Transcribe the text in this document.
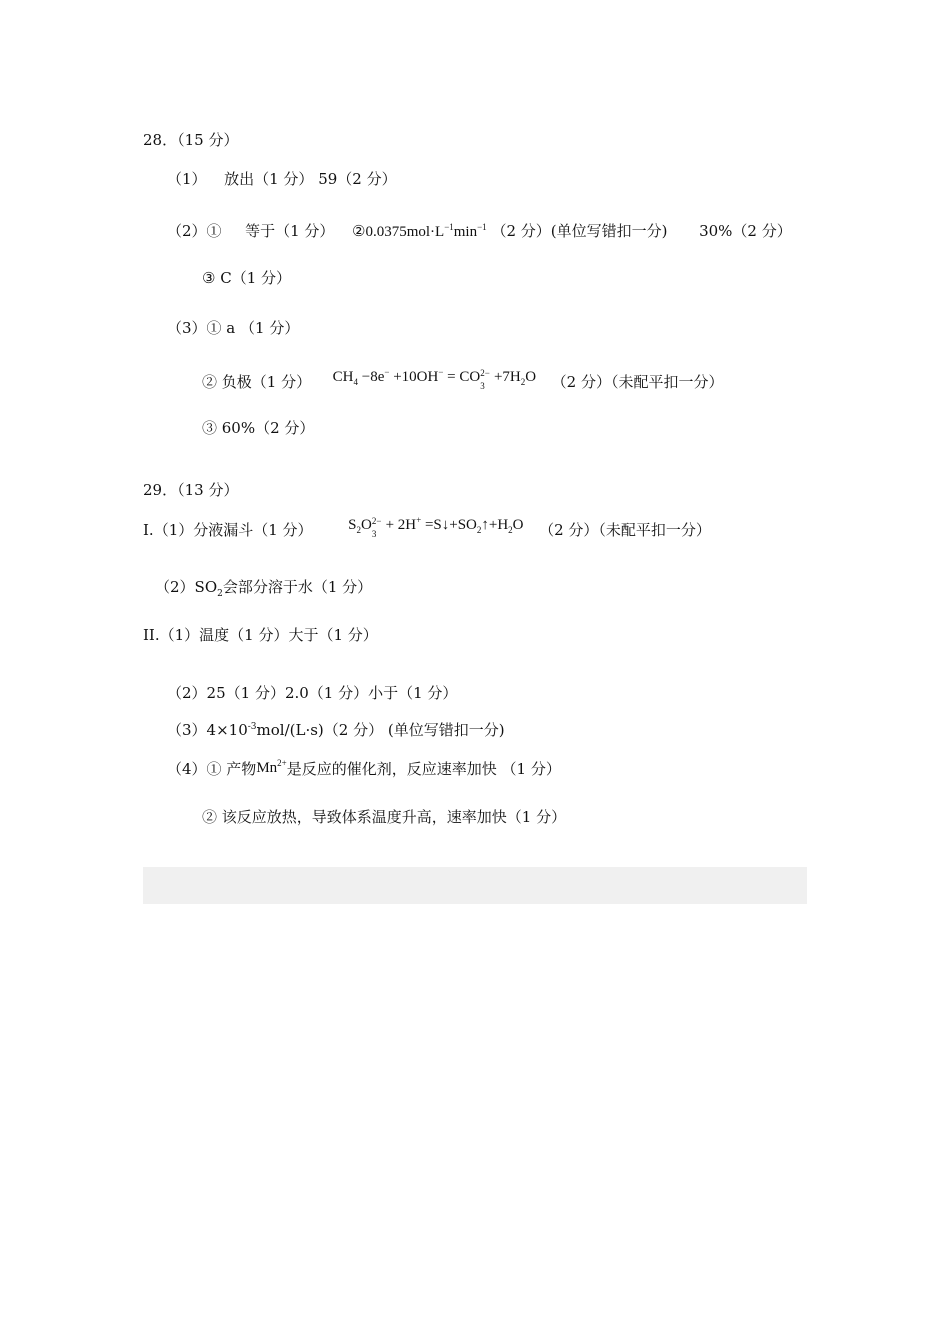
28．（15 分）
（1） 放出（1 分） 59（2 分）
（2）① 等于（1 分） $②0.0375mol\cdot L^{-1}\min^{-1}$ （2 分）(单位写错扣一分) 30%（2 分）
③ C（1 分）
（3）① a （1 分）
② 负极（1 分） $CH_4 -8e^- +10OH^-$ = CO 2−
3
$+7H_2O$ （2 分）（未配平扣一分）
③ 60%（2 分）
29．（13 分）
I.（1）分液漏斗（1 分） $S_2O$ 2−
3
+ $2H^+ =S↓+SO_2↑+H_2O$ （2 分）（未配平扣一分）
$(2)SO_2$会部分溶于水（1 分）
II.（1）温度（1 分）大于（1 分）
（2）25（1 分）2.0（1 分）小于（1 分）
$(3)4\times 10^{-3}mol/(L\cdot s)(2$ 分） (单位写错扣一分)
（4）① 产物$Mn^{2+}$是反应的催化剂，反应速率加快 （1 分）
② 该反应放热，导致体系温度升高，速率加快（1 分）
